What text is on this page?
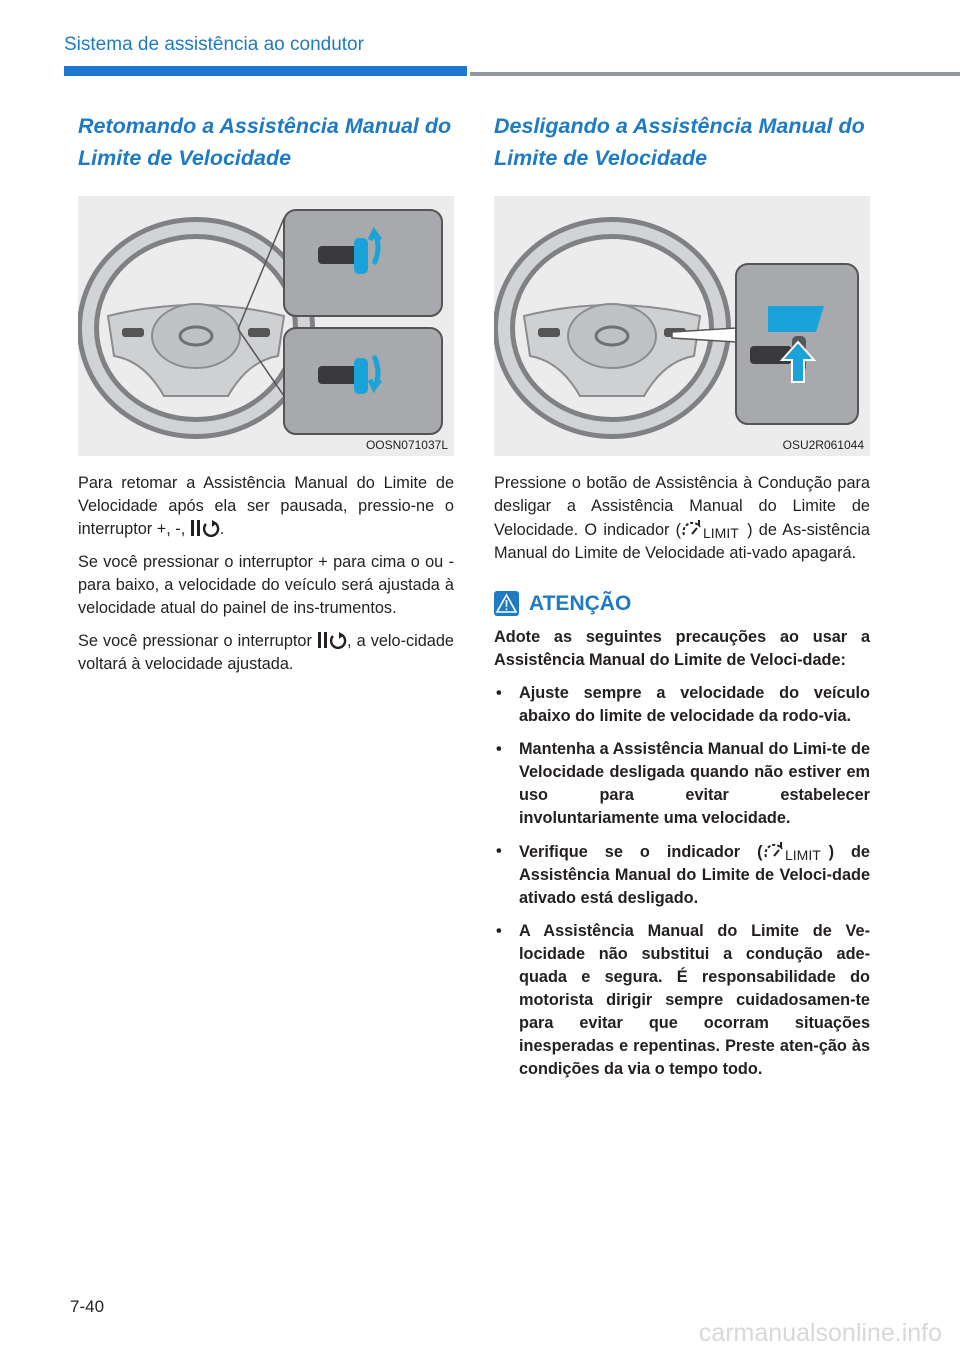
Sistema de assistência ao condutor
Retomando a Assistência Manual do Limite de Velocidade
OOSN071037L

Para retomar a Assistência Manual do Limite de Velocidade após ela ser pausada, pressio-ne o interruptor +, -, .

Se você pressionar o interruptor + para cima o ou - para baixo, a velocidade do veículo será ajustada à velocidade atual do painel de ins-trumentos.

Se você pressionar o interruptor , a velo-cidade voltará à velocidade ajustada.

Desligando a Assistência Manual do Limite de Velocidade
OSU2R061044

Pressione o botão de Assistência à Condução para desligar a Assistência Manual do Limite de Velocidade. O indicador ( LIMIT ) de As-sistência Manual do Limite de Velocidade ati-vado apagará.

ATENÇÃO

Adote as seguintes precauções ao usar a Assistência Manual do Limite de Veloci-dade:

• Ajuste sempre a velocidade do veículo abaixo do limite de velocidade da rodo-via.
• Mantenha a Assistência Manual do Limi-te de Velocidade desligada quando não estiver em uso para evitar estabelecer involuntariamente uma velocidade.
• Verifique se o indicador ( LIMIT ) de Assistência Manual do Limite de Veloci-dade ativado está desligado.
• A Assistência Manual do Limite de Ve-locidade não substitui a condução ade-quada e segura. É responsabilidade do motorista dirigir sempre cuidadosamen-te para evitar que ocorram situações inesperadas e repentinas. Preste aten-ção às condições da via o tempo todo.
7-40
carmanualsonline.info
